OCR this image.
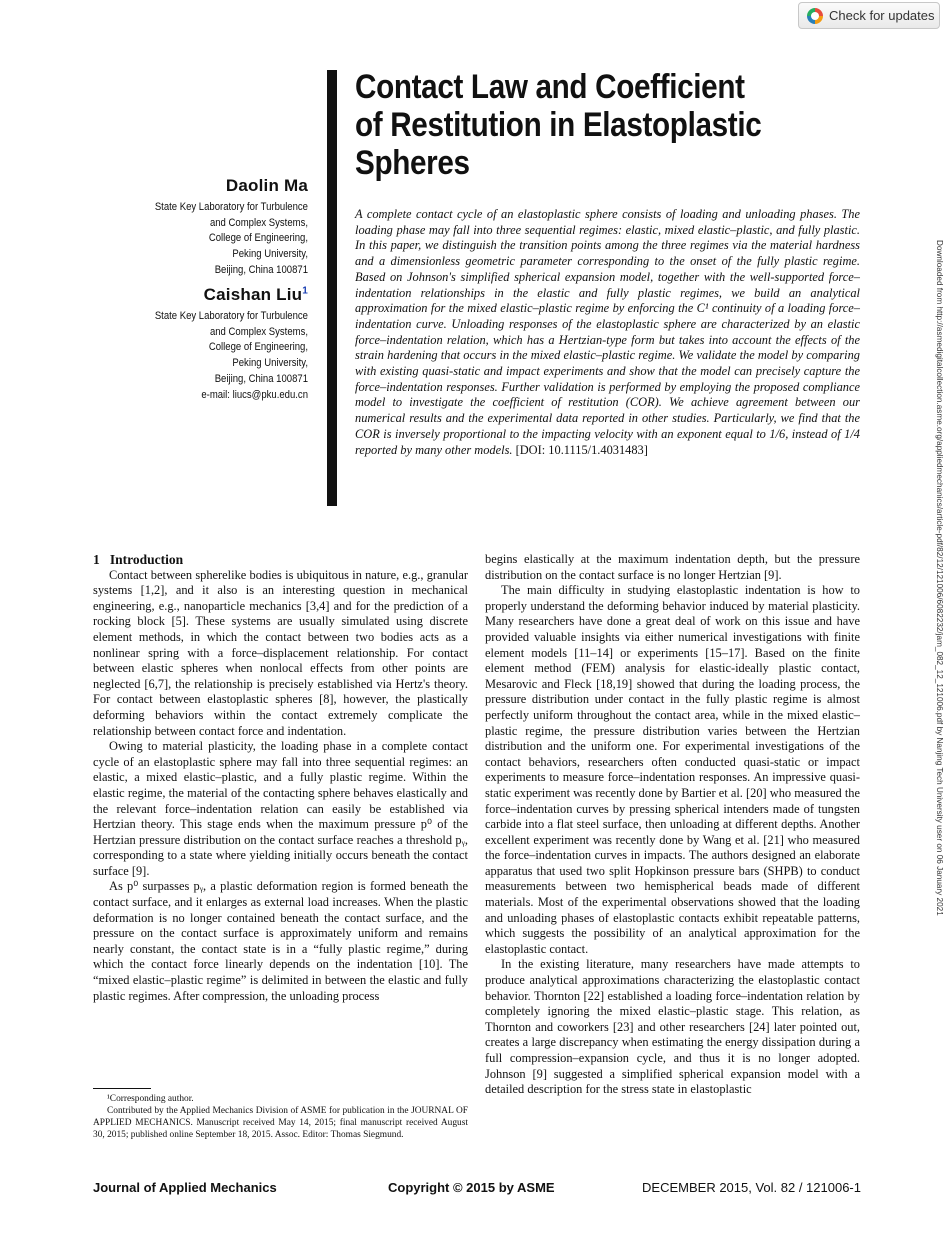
Check for updates
Daolin Ma
State Key Laboratory for Turbulence
and Complex Systems,
College of Engineering,
Peking University,
Beijing, China 100871
Caishan Liu$^1$
State Key Laboratory for Turbulence
and Complex Systems,
College of Engineering,
Peking University,
Beijing, China 100871
e-mail: liucs@pku.edu.cn
Contact Law and Coefficient
of Restitution in Elastoplastic
Spheres
A complete contact cycle of an elastoplastic sphere consists of loading and unloading phases. The loading phase may fall into three sequential regimes: elastic, mixed elastic–plastic, and fully plastic. In this paper, we distinguish the transition points among the three regimes via the material hardness and a dimensionless geometric parameter corresponding to the onset of the fully plastic regime. Based on Johnson's simplified spherical expansion model, together with the well-supported force–indentation relationships in the elastic and fully plastic regimes, we build an analytical approximation for the mixed elastic–plastic regime by enforcing the C¹ continuity of a loading force–indentation curve. Unloading responses of the elastoplastic sphere are characterized by an elastic force–indentation relation, which has a Hertzian-type form but takes into account the effects of the strain hardening that occurs in the mixed elastic–plastic regime. We validate the model by comparing with existing quasi-static and impact experiments and show that the model can precisely capture the force–indentation responses. Further validation is performed by employing the proposed compliance model to investigate the coefficient of restitution (COR). We achieve agreement between our numerical results and the experimental data reported in other studies. Particularly, we find that the COR is inversely proportional to the impacting velocity with an exponent equal to 1/6, instead of 1/4 reported by many other models. [DOI: 10.1115/1.4031483]	Downloaded from http://asmedigitalcollection.asme.org/appliedmechanics/article-pdf/82/12/121006/6082232/jam_082_12_121006.pdf by Nanjing Tech University user on 06 January 2021

1 Introduction

Contact between spherelike bodies is ubiquitous in nature, e.g., granular systems [1,2], and it also is an interesting question in mechanical engineering, e.g., nanoparticle mechanics [3,4] and for the prediction of a rocking block [5]. These systems are usually simulated using discrete element methods, in which the contact between two bodies acts as a nonlinear spring with a force–displacement relationship. For contact between elastic spheres when nonlocal effects from other points are neglected [6,7], the relationship is precisely established via Hertz's theory. For contact between elastoplastic spheres [8], however, the plastically deforming behaviors within the contact extremely complicate the relationship between contact force and indentation.

Owing to material plasticity, the loading phase in a complete contact cycle of an elastoplastic sphere may fall into three sequential regimes: an elastic, a mixed elastic–plastic, and a fully plastic regime. Within the elastic regime, the material of the contacting sphere behaves elastically and the relevant force–indentation relation can easily be established via Hertzian theory. This stage ends when the maximum pressure p⁰ of the Hertzian pressure distribution on the contact surface reaches a threshold pᵧ, corresponding to a state where yielding initially occurs beneath the contact surface [9].

As p⁰ surpasses pᵧ, a plastic deformation region is formed beneath the contact surface, and it enlarges as external load increases. When the plastic deformation is no longer contained beneath the contact surface, and the pressure on the contact surface is approximately uniform and remains nearly constant, the contact state is in a “fully plastic regime,” during which the contact force linearly depends on the indentation [10]. The “mixed elastic–plastic regime” is delimited in between the elastic and fully plastic regimes. After compression, the unloading process

begins elastically at the maximum indentation depth, but the pressure distribution on the contact surface is no longer Hertzian [9].

The main difficulty in studying elastoplastic indentation is how to properly understand the deforming behavior induced by material plasticity. Many researchers have done a great deal of work on this issue and have provided valuable insights via either numerical investigations with finite element models [11–14] or experiments [15–17]. Based on the finite element method (FEM) analysis for elastic-ideally plastic contact, Mesarovic and Fleck [18,19] showed that during the loading process, the pressure distribution under contact in the fully plastic regime is almost perfectly uniform throughout the contact area, while in the mixed elastic–plastic regime, the pressure distribution varies between the Hertzian distribution and the uniform one. For experimental investigations of the contact behaviors, researchers often conducted quasi-static or impact experiments to measure force–indentation responses. An impressive quasi-static experiment was recently done by Bartier et al. [20] who measured the force–indentation curves by pressing spherical intenders made of tungsten carbide into a flat steel surface, then unloading at different depths. Another excellent experiment was recently done by Wang et al. [21] who measured the force–indentation curves in impacts. The authors designed an elaborate apparatus that used two split Hopkinson pressure bars (SHPB) to conduct measurements between two hemispherical beads made of different materials. Most of the experimental observations showed that the loading and unloading phases of elastoplastic contacts exhibit repeatable patterns, which suggests the possibility of an analytical approximation for the elastoplastic contact.

In the existing literature, many researchers have made attempts to produce analytical approximations characterizing the elastoplastic contact behavior. Thornton [22] established a loading force–indentation relation by completely ignoring the mixed elastic–plastic stage. This relation, as Thornton and coworkers [23] and other researchers [24] later pointed out, creates a large discrepancy when estimating the energy dissipation during a full compression–expansion cycle, and thus it is no longer adopted. Johnson [9] suggested a simplified spherical expansion model with a detailed description for the stress state in elastoplastic

¹Corresponding author.

Contributed by the Applied Mechanics Division of ASME for publication in the JOURNAL OF APPLIED MECHANICS. Manuscript received May 14, 2015; final manuscript received August 30, 2015; published online September 18, 2015. Assoc. Editor: Thomas Siegmund.

Journal of Applied Mechanics	Copyright © 2015 by ASME	DECEMBER 2015, Vol. 82 / 121006-1
